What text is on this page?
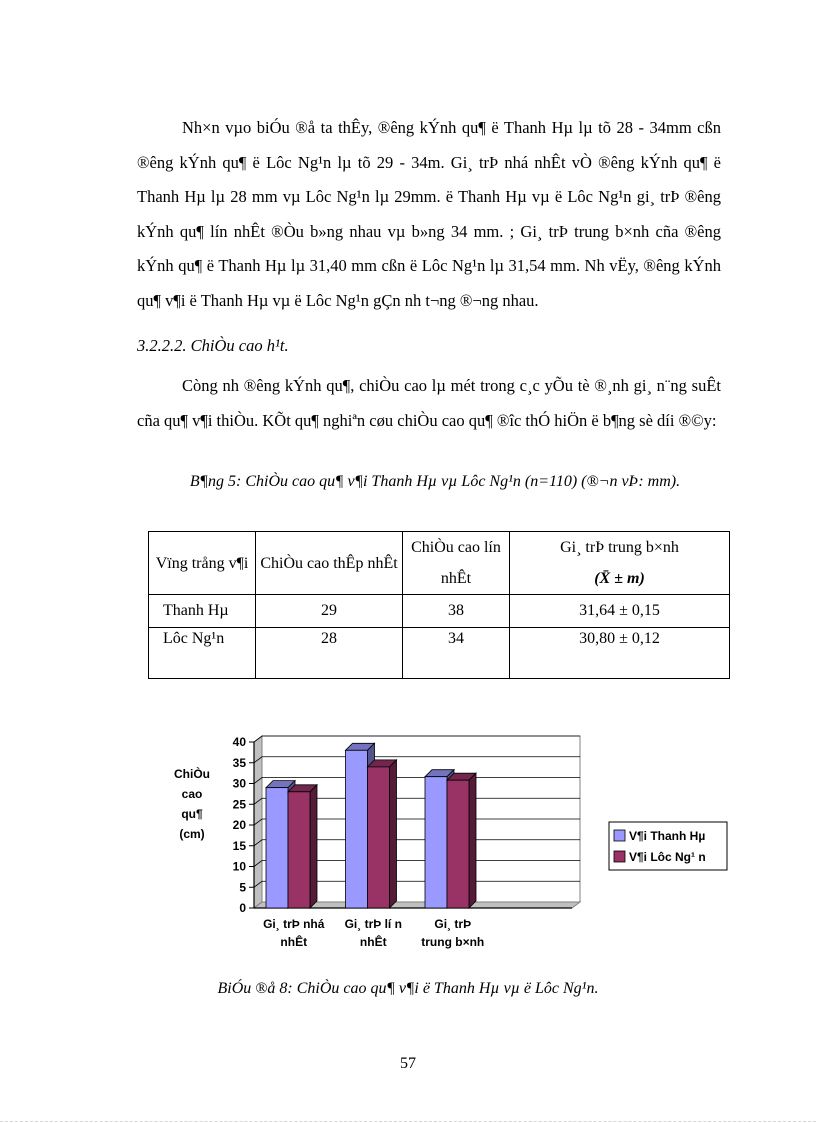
Nh×n vµo biÓu ®å ta thÊy, ®êng kÝnh qu¶ ë Thanh Hµ lµ tõ 28 - 34mm cßn ®êng kÝnh qu¶ ë Lôc Ng¹n lµ tõ 29 - 34m. Gi¸ trÞ nhá nhÊt vÒ ®êng kÝnh qu¶ ë Thanh Hµ lµ 28 mm vµ Lôc Ng¹n lµ 29mm. ë Thanh Hµ vµ ë Lôc Ng¹n gi¸ trÞ ®êng kÝnh qu¶ lín nhÊt ®Òu b»ng nhau vµ b»ng 34 mm. ; Gi¸ trÞ trung b×nh cña ®êng kÝnh qu¶ ë Thanh Hµ lµ 31,40 mm cßn ë Lôc Ng¹n lµ 31,54 mm. Nh vËy, ®êng kÝnh qu¶ v¶i ë Thanh Hµ vµ ë Lôc Ng¹n gÇn nh t¬ng ®¬ng nhau.

3.2.2.2. ChiÒu cao h¹t.

Còng nh ®êng kÝnh qu¶, chiÒu cao lµ mét trong c¸c yÕu tè ®¸nh gi¸ n¨ng suÊt cña qu¶ v¶i thiÒu. KÕt qu¶ nghiªn cøu chiÒu cao qu¶ ®îc thÓ hiÖn ë b¶ng sè díi ®©y:

B¶ng 5: ChiÒu cao qu¶ v¶i Thanh Hµ vµ Lôc Ng¹n (n=110) (®¬n vÞ: mm).
Vïng trång v¶i	ChiÒu cao thÊp nhÊt	ChiÒu cao lín nhÊt	Gi¸ trÞ trung b×nh
(X̄ ± m)

Thanh Hµ	29	38	31,64 ± 0,15
Lôc Ng¹n	28	34	30,80 ± 0,12
0
5
10
15
20
25
30
35
40
Gi¸ trÞ nhá
nhÊt
Gi¸ trÞ lí n
nhÊt
Gi¸ trÞ
trung b×nh
ChiÒu
cao
qu¶
(cm)	V¶i Thanh Hµ
V¶i Lôc Ng¹ n
BiÓu ®å 8: ChiÒu cao qu¶ v¶i ë Thanh Hµ vµ ë Lôc Ng¹n.
57
